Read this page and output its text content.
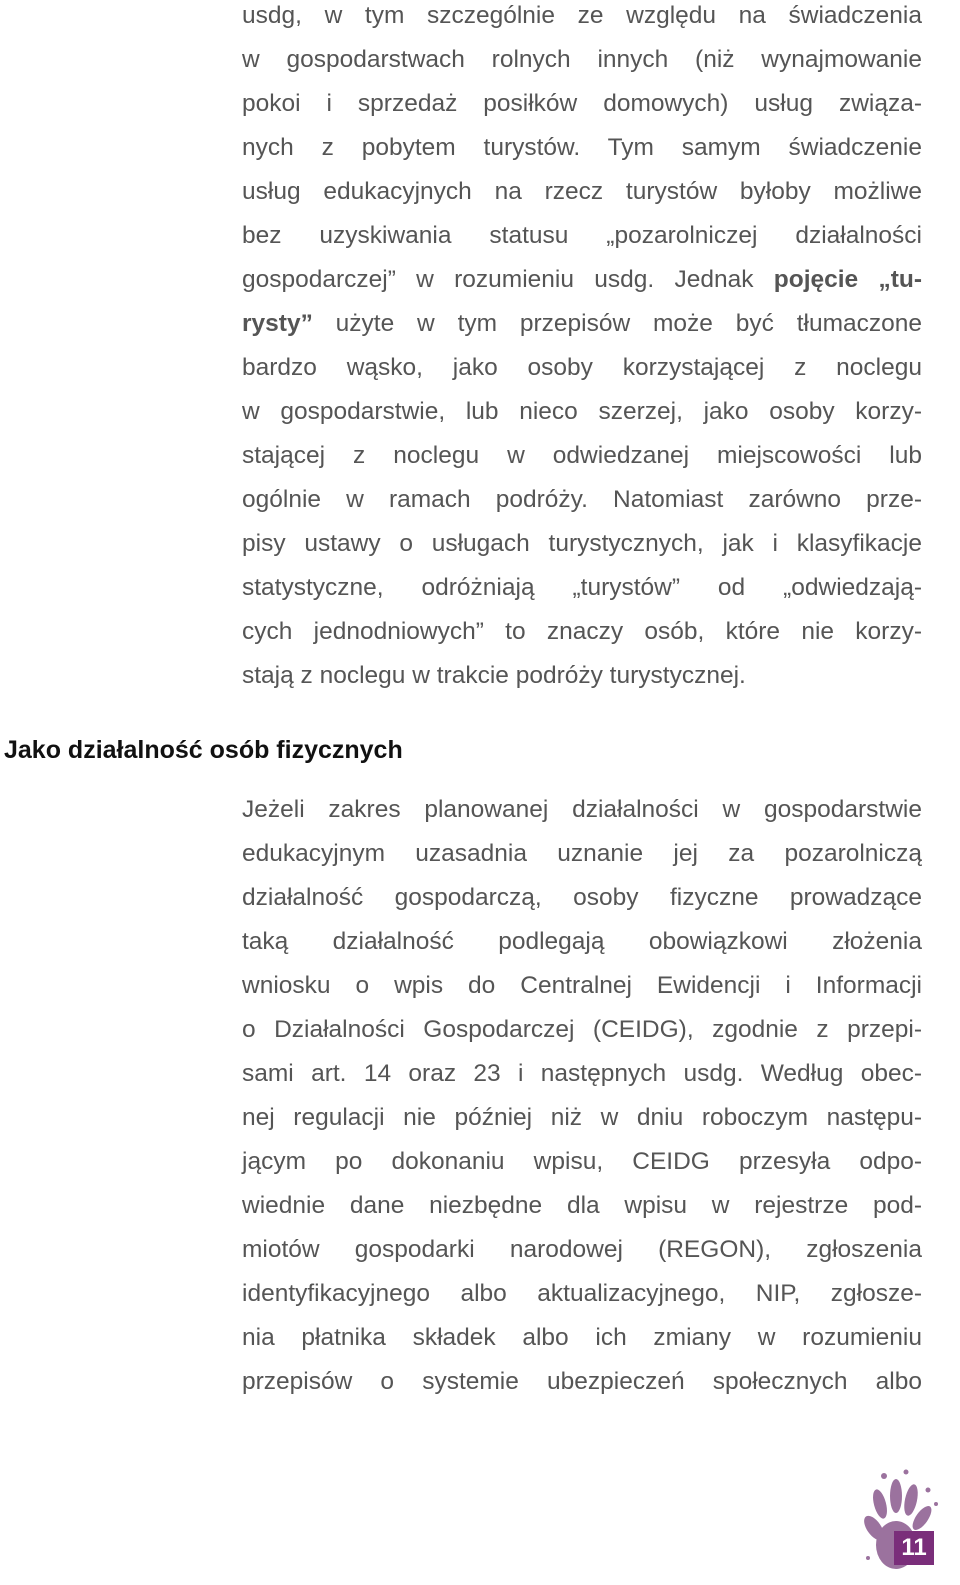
usdg, w tym szczególnie ze względu na świadczenia
w gospodarstwach rolnych innych (niż wynajmowanie
pokoi i sprzedaż posiłków domowych) usług związa-
nych z pobytem turystów. Tym samym świadczenie
usług edukacyjnych na rzecz turystów byłoby możliwe
bez uzyskiwania statusu „pozarolniczej działalności
gospodarczej” w rozumieniu usdg. Jednak pojęcie „tu-
rysty” użyte w tym przepisów może być tłumaczone
bardzo wąsko, jako osoby korzystającej z noclegu
w gospodarstwie, lub nieco szerzej, jako osoby korzy-
stającej z noclegu w odwiedzanej miejscowości lub
ogólnie w ramach podróży. Natomiast zarówno prze-
pisy ustawy o usługach turystycznych, jak i klasyfikacje
statystyczne, odróżniają „turystów” od „odwiedzają-
cych jednodniowych” to znaczy osób, które nie korzy-
stają z noclegu w trakcie podróży turystycznej.
Jako działalność osób fizycznych
Jeżeli zakres planowanej działalności w gospodarstwie
edukacyjnym uzasadnia uznanie jej za pozarolniczą
działalność gospodarczą, osoby fizyczne prowadzące
taką działalność podlegają obowiązkowi złożenia
wniosku o wpis do Centralnej Ewidencji i Informacji
o Działalności Gospodarczej (CEIDG), zgodnie z przepi-
sami art. 14 oraz 23 i następnych usdg. Według obec-
nej regulacji nie później niż w dniu roboczym następu-
jącym po dokonaniu wpisu, CEIDG przesyła odpo-
wiednie dane niezbędne dla wpisu w rejestrze pod-
miotów gospodarki narodowej (REGON), zgłoszenia
identyfikacyjnego albo aktualizacyjnego, NIP, zgłosze-
nia płatnika składek albo ich zmiany w rozumieniu
przepisów o systemie ubezpieczeń społecznych albo
11
